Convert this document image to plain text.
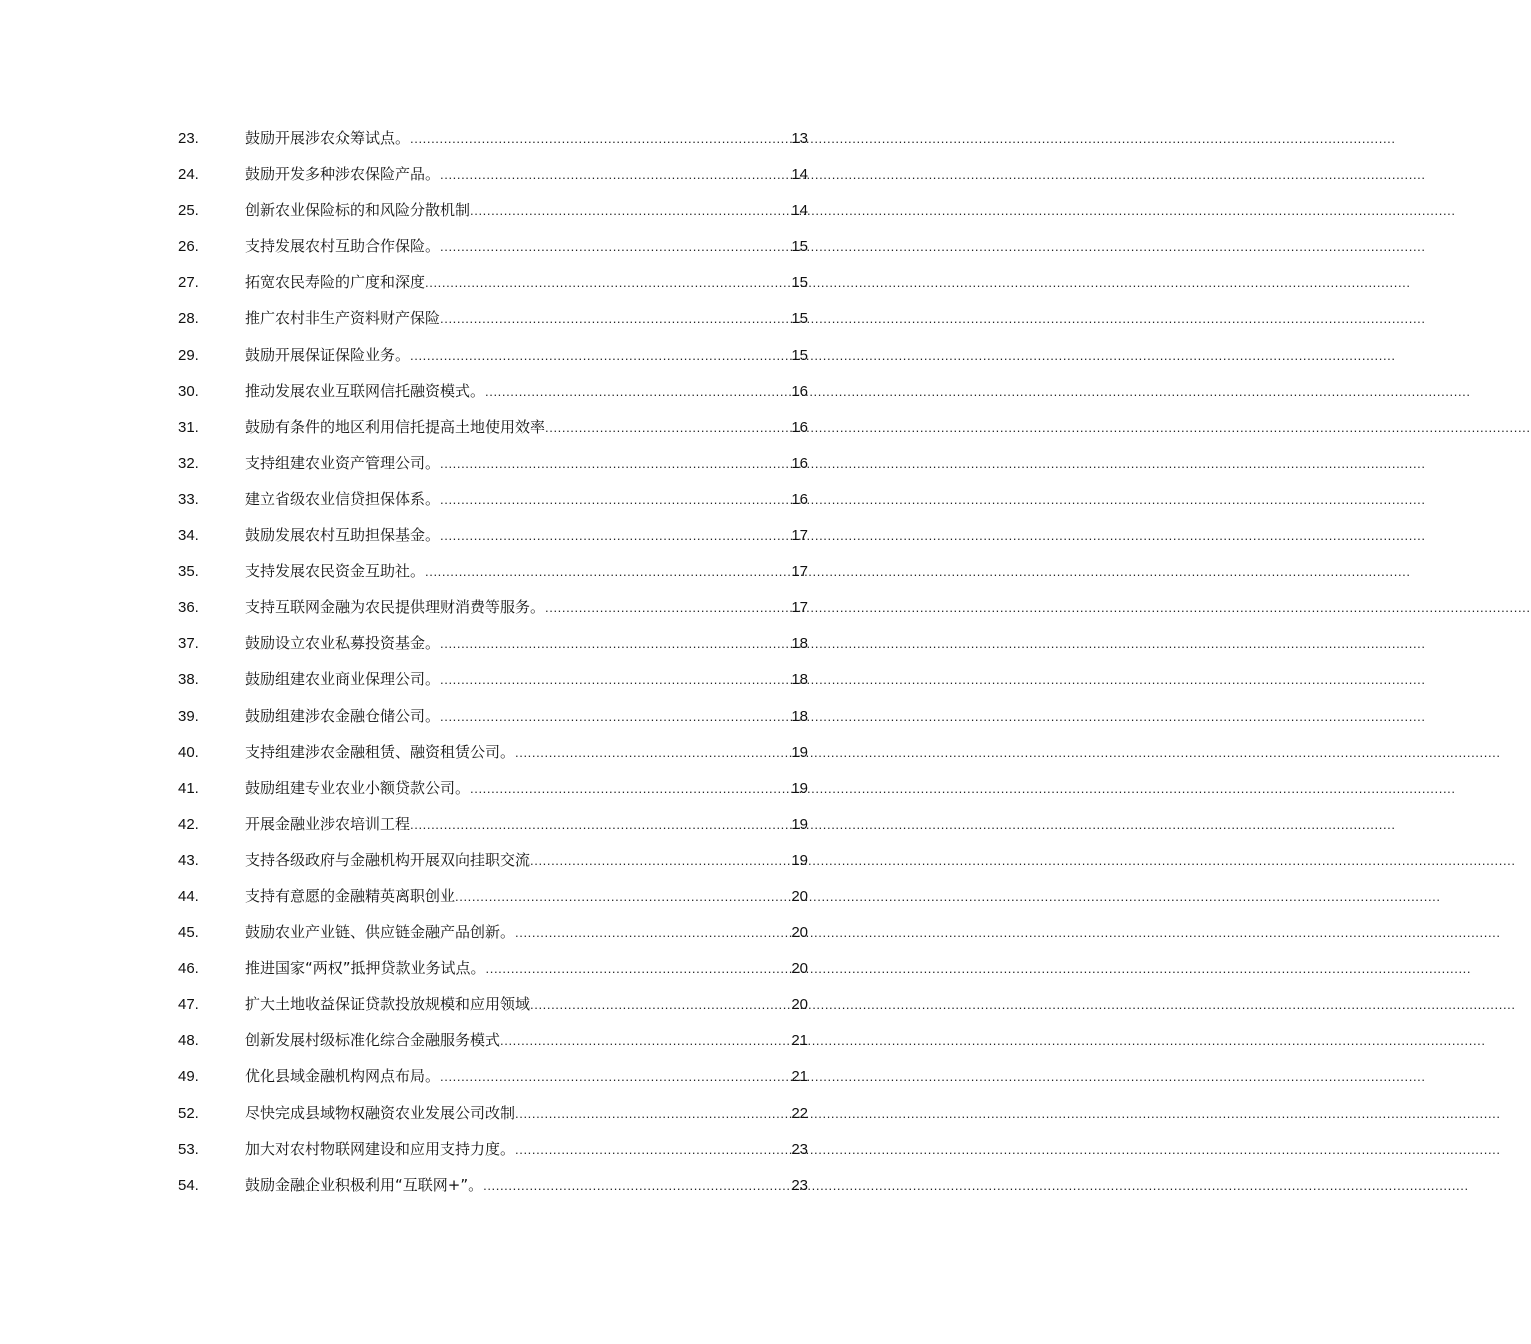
23.	鼓励开展涉农众筹试点。 .....	13
24.	鼓励开发多种涉农保险产品。 .....	14
25.	创新农业保险标的和风险分散机制 .....	14
26.	支持发展农村互助合作保险。 .....	15
27.	拓宽农民寿险的广度和深度 .....	15
28.	推广农村非生产资料财产保险 .....	15
29.	鼓励开展保证保险业务。 .....	15
30.	推动发展农业互联网信托融资模式。 .....	16
31.	鼓励有条件的地区利用信托提高土地使用效率 .....	16
32.	支持组建农业资产管理公司。 .....	16
33.	建立省级农业信贷担保体系。 .....	16
34.	鼓励发展农村互助担保基金。 .....	17
35.	支持发展农民资金互助社。 .....	17
36.	支持互联网金融为农民提供理财消费等服务。 .....	17
37.	鼓励设立农业私募投资基金。 .....	18
38.	鼓励组建农业商业保理公司。 .....	18
39.	鼓励组建涉农金融仓储公司。 .....	18
40.	支持组建涉农金融租赁、融资租赁公司。 .....	19
41.	鼓励组建专业农业小额贷款公司。 .....	19
42.	开展金融业涉农培训工程 .....	19
43.	支持各级政府与金融机构开展双向挂职交流 .....	19
44.	支持有意愿的金融精英离职创业 .....	20
45.	鼓励农业产业链、供应链金融产品创新。 .....	20
46.	推进国家“两权”抵押贷款业务试点。 .....	20
47.	扩大土地收益保证贷款投放规模和应用领域 .....	20
48.	创新发展村级标准化综合金融服务模式 .....	21
49.	优化县域金融机构网点布局。 .....	21
52.	尽快完成县域物权融资农业发展公司改制 .....	22
53.	加大对农村物联网建设和应用支持力度。 .....	23
54.	鼓励金融企业积极利用“互联网+”。 .....	23
